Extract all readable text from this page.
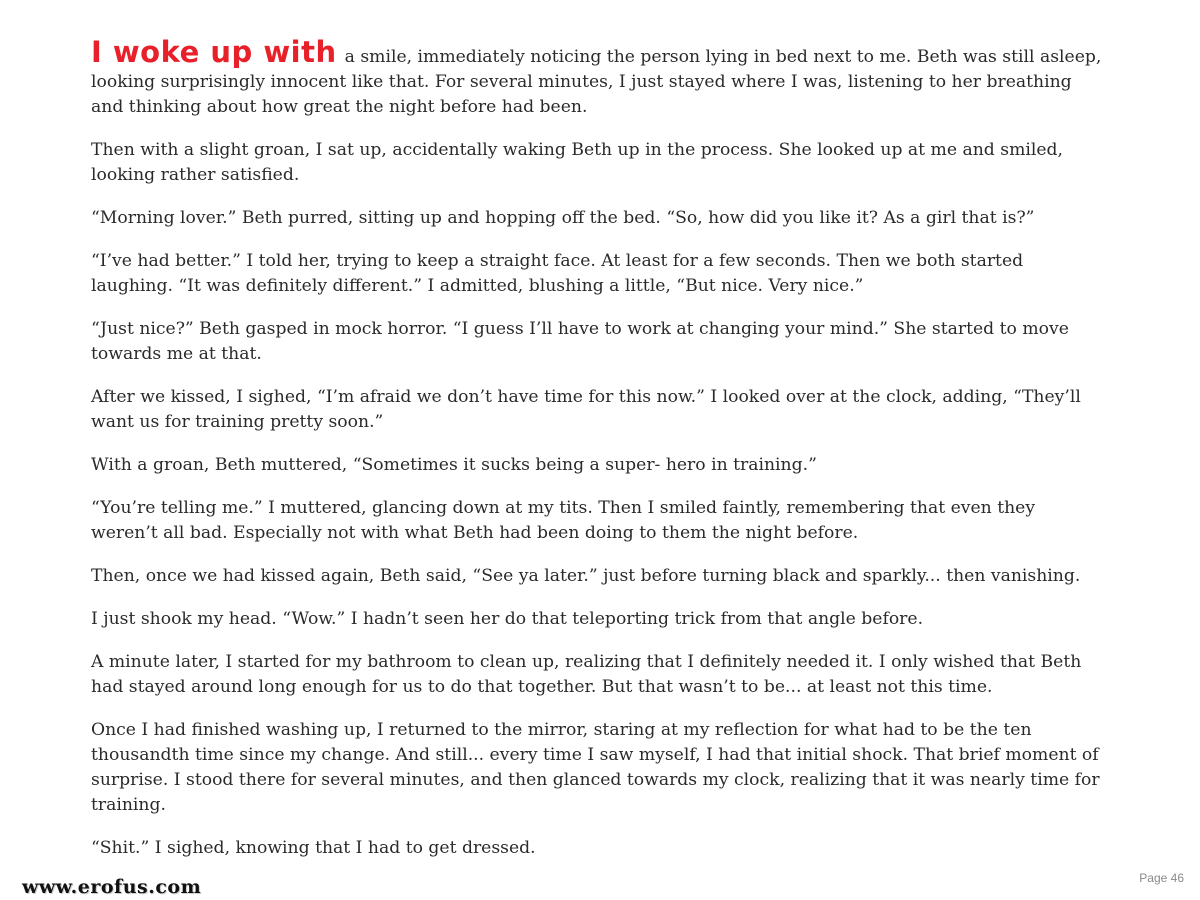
I woke up with a smile, immediately noticing the person lying in bed next to me. Beth was still asleep, looking surprisingly innocent like that. For several minutes, I just stayed where I was, listening to her breathing and thinking about how great the night before had been.

Then with a slight groan, I sat up, accidentally waking Beth up in the process. She looked up at me and smiled, looking rather satisfied.

“Morning lover.” Beth purred, sitting up and hopping off the bed. “So, how did you like it? As a girl that is?”

“I’ve had better.” I told her, trying to keep a straight face. At least for a few seconds. Then we both started laughing. “It was definitely different.” I admitted, blushing a little, “But nice. Very nice.”

“Just nice?” Beth gasped in mock horror. “I guess I’ll have to work at changing your mind.” She started to move towards me at that.

After we kissed, I sighed, “I’m afraid we don’t have time for this now.” I looked over at the clock, adding, “They’ll want us for training pretty soon.”

With a groan, Beth muttered, “Sometimes it sucks being a super- hero in training.”

“You’re telling me.” I muttered, glancing down at my tits. Then I smiled faintly, remembering that even they weren’t all bad. Especially not with what Beth had been doing to them the night before.

Then, once we had kissed again, Beth said, “See ya later.” just before turning black and sparkly... then vanishing.

I just shook my head. “Wow.” I hadn’t seen her do that teleporting trick from that angle before.

A minute later, I started for my bathroom to clean up, realizing that I definitely needed it. I only wished that Beth had stayed around long enough for us to do that together. But that wasn’t to be... at least not this time.

Once I had finished washing up, I returned to the mirror, staring at my reflection for what had to be the ten thousandth time since my change. And still... every time I saw myself, I had that initial shock. That brief moment of surprise. I stood there for several minutes, and then glanced towards my clock, realizing that it was nearly time for training.

“Shit.” I sighed, knowing that I had to get dressed.

www.erofus.com	Page 46
